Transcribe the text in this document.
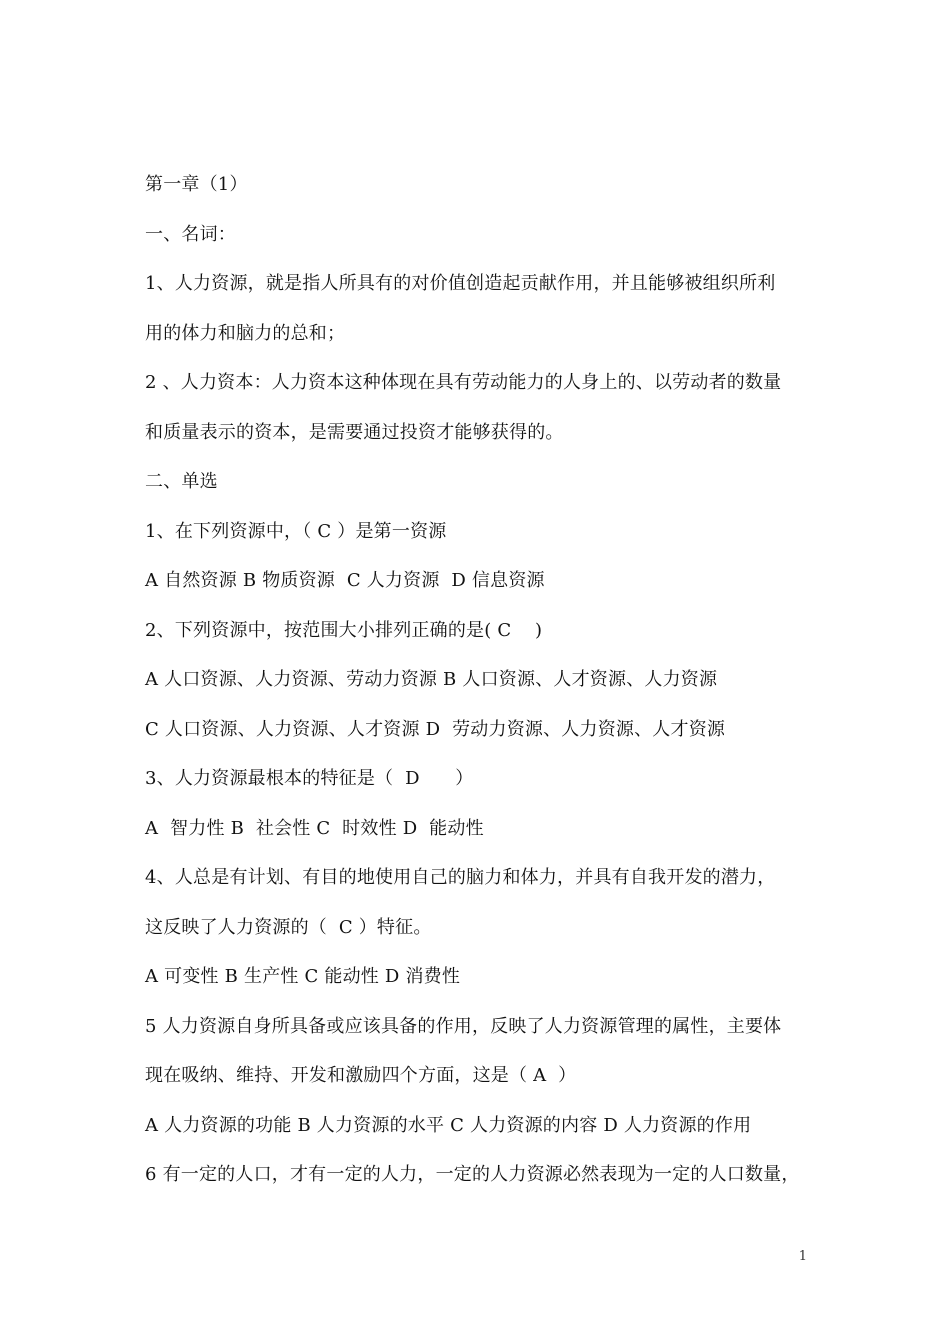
第一章（1）
一、名词：
1、人力资源，就是指人所具有的对价值创造起贡献作用，并且能够被组织所利
用的体力和脑力的总和；
2 、人力资本：人力资本这种体现在具有劳动能力的人身上的、以劳动者的数量
和质量表示的资本，是需要通过投资才能够获得的。
二、单选
1、在下列资源中，（ C ）是第一资源
A 自然资源 B 物质资源  C 人力资源  D 信息资源
2、下列资源中，按范围大小排列正确的是( C    )
A 人口资源、人力资源、劳动力资源 B 人口资源、人才资源、人力资源
C 人口资源、人力资源、人才资源 D  劳动力资源、人力资源、人才资源
3、人力资源最根本的特征是（  D      ）
A  智力性 B  社会性 C  时效性 D  能动性
4、人总是有计划、有目的地使用自己的脑力和体力，并具有自我开发的潜力，
这反映了人力资源的（  C ）特征。
A 可变性 B 生产性 C 能动性 D 消费性
5 人力资源自身所具备或应该具备的作用，反映了人力资源管理的属性，主要体
现在吸纳、维持、开发和激励四个方面，这是（ A  ）
A 人力资源的功能 B 人力资源的水平 C 人力资源的内容 D 人力资源的作用
6 有一定的人口，才有一定的人力，一定的人力资源必然表现为一定的人口数量，
1
